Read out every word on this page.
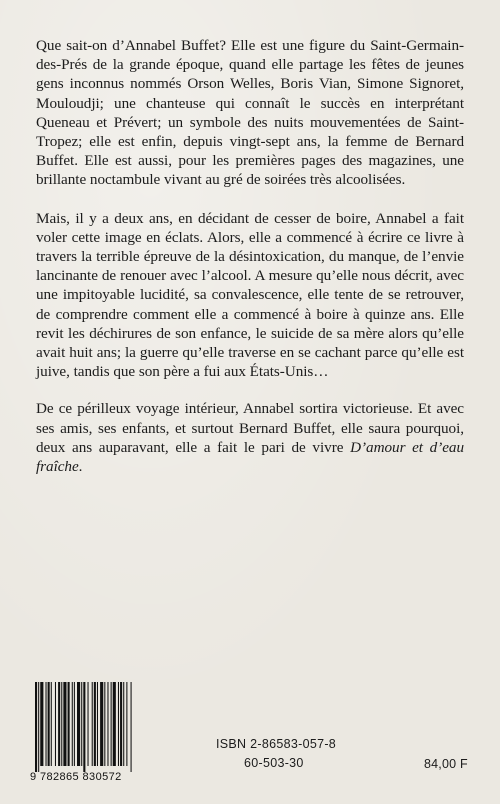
Que sait-on d’Annabel Buffet? Elle est une figure du Saint-Germain-des-Prés de la grande époque, quand elle partage les fêtes de jeunes gens inconnus nommés Orson Welles, Boris Vian, Simone Signoret, Mouloudji; une chanteuse qui connaît le succès en interprétant Queneau et Prévert; un symbole des nuits mouvementées de Saint-Tropez; elle est enfin, depuis vingt-sept ans, la femme de Bernard Buffet. Elle est aussi, pour les premières pages des magazines, une brillante noctambule vivant au gré de soirées très alcoolisées.

Mais, il y a deux ans, en décidant de cesser de boire, Annabel a fait voler cette image en éclats. Alors, elle a commencé à écrire ce livre à travers la terrible épreuve de la désintoxication, du manque, de l’envie lancinante de renouer avec l’alcool. A mesure qu’elle nous décrit, avec une impitoyable lucidité, sa convalescence, elle tente de se retrouver, de comprendre comment elle a commencé à boire à quinze ans. Elle revit les déchirures de son enfance, le suicide de sa mère alors qu’elle avait huit ans; la guerre qu’elle traverse en se cachant parce qu’elle est juive, tandis que son père a fui aux États-Unis…

De ce périlleux voyage intérieur, Annabel sortira victorieuse. Et avec ses amis, ses enfants, et surtout Bernard Buffet, elle saura pourquoi, deux ans auparavant, elle a fait le pari de vivre D’amour et d’eau fraîche.

9 782865 830572
ISBN 2-86583-057-8
60-503-30	84,00 F
